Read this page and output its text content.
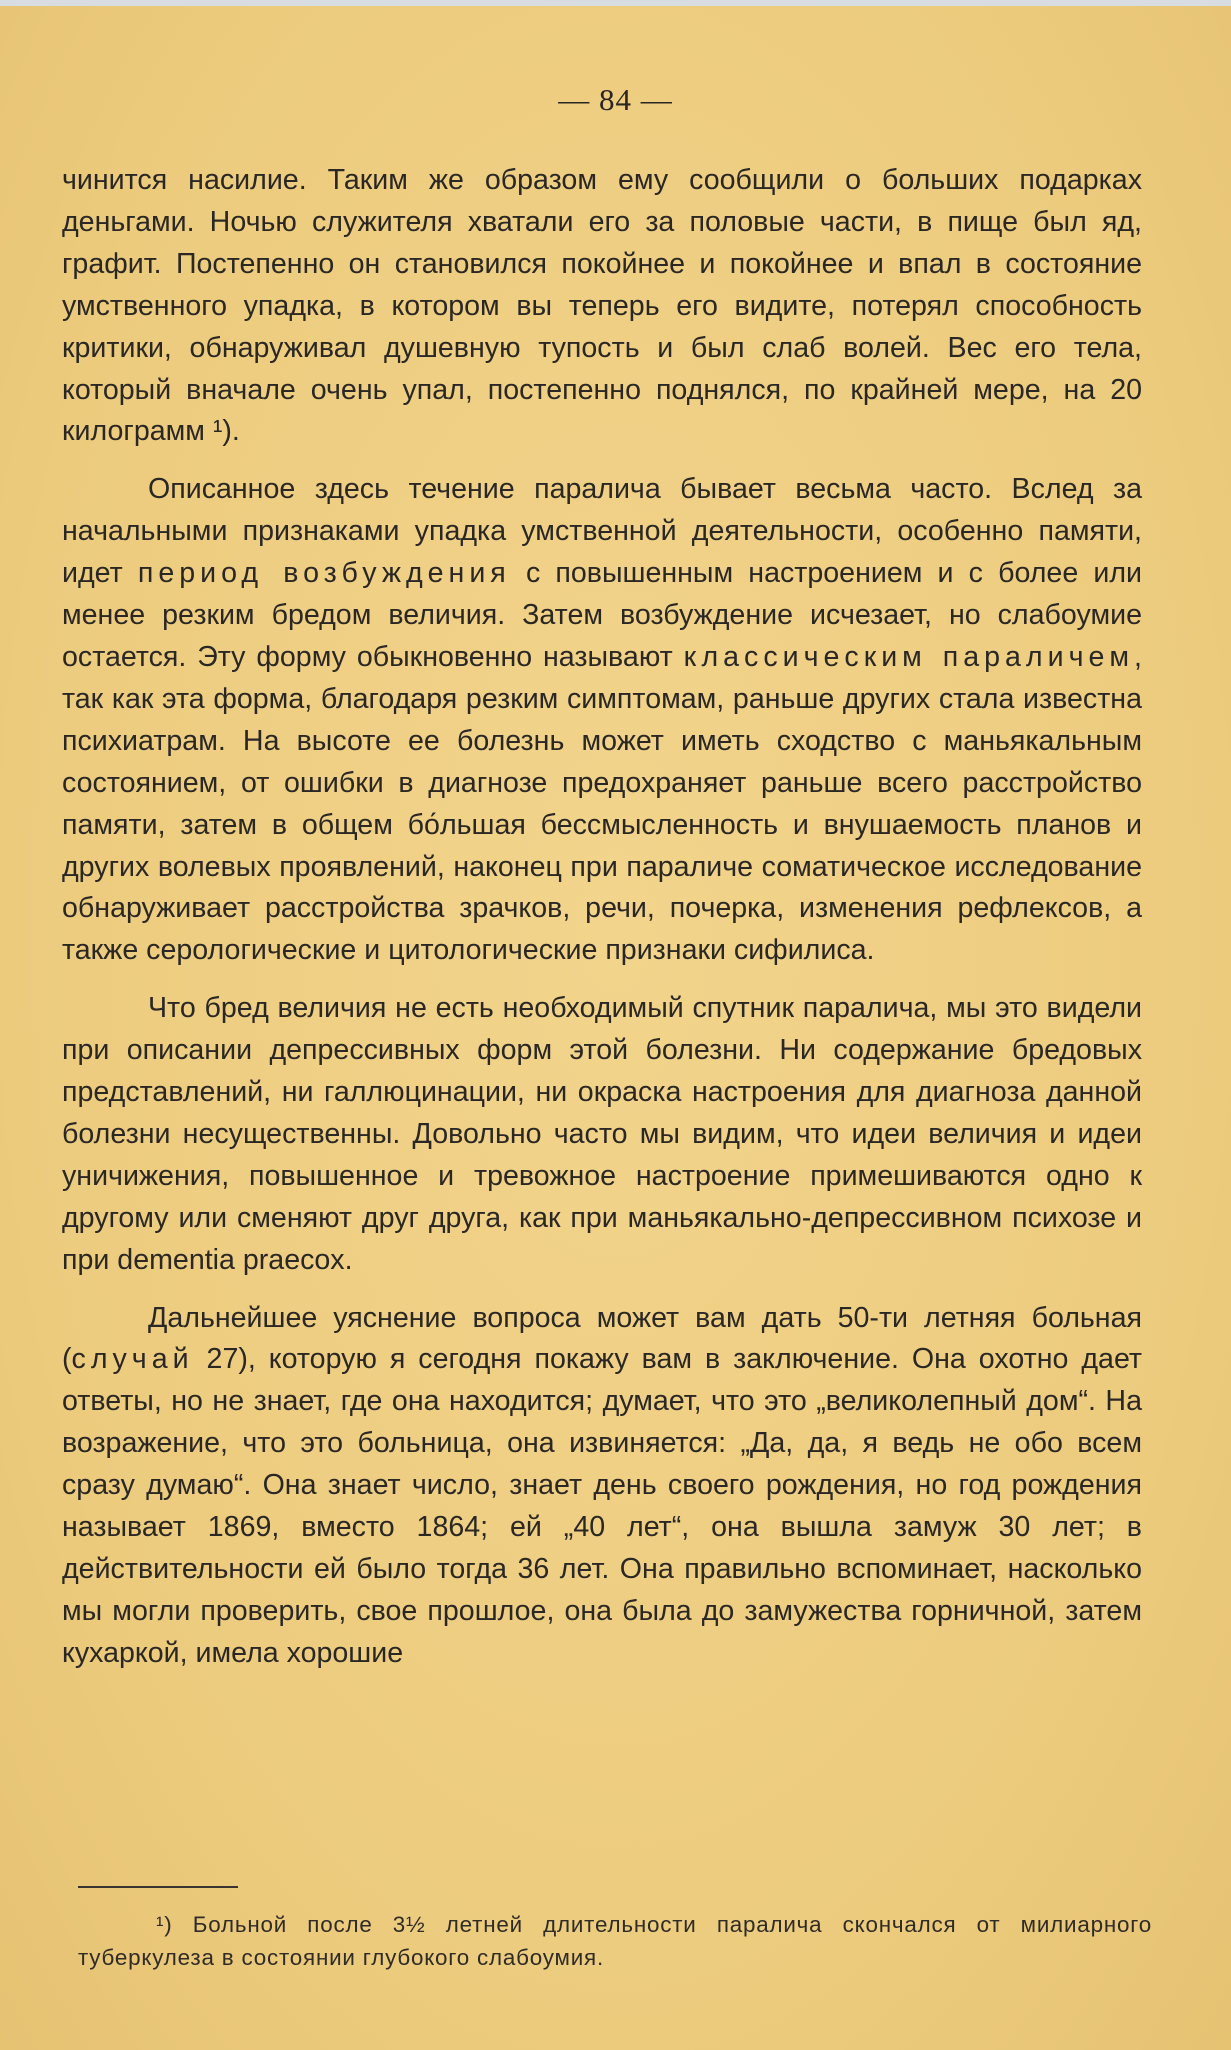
— 84 —

чинится насилие. Таким же образом ему сообщили о больших подарках деньгами. Ночью служителя хватали его за половые части, в пище был яд, графит. Постепенно он становился покойнее и покойнее и впал в состояние умственного упадка, в котором вы теперь его видите, потерял способность критики, обнаруживал душевную тупость и был слаб волей. Вес его тела, который вначале очень упал, постепенно поднялся, по крайней мере, на 20 килограмм ¹).

Описанное здесь течение паралича бывает весьма часто. Вслед за начальными признаками упадка умственной деятельности, особенно памяти, идет период возбуждения с повышенным настроением и с более или менее резким бредом величия. Затем возбуждение исчезает, но слабоумие остается. Эту форму обыкновенно называют классическим параличем, так как эта форма, благодаря резким симптомам, раньше других стала известна психиатрам. На высоте ее болезнь может иметь сходство с маньякальным состоянием, от ошибки в диагнозе предохраняет раньше всего расстройство памяти, затем в общем бо́льшая бессмысленность и внушаемость планов и других волевых проявлений, наконец при параличе соматическое исследование обнаруживает расстройства зрачков, речи, почерка, изменения рефлексов, а также серологические и цитологические признаки сифилиса.

Что бред величия не есть необходимый спутник паралича, мы это видели при описании депрессивных форм этой болезни. Ни содержание бредовых представлений, ни галлюцинации, ни окраска настроения для диагноза данной болезни несущественны. Довольно часто мы видим, что идеи величия и идеи уничижения, повышенное и тревожное настроение примешиваются одно к другому или сменяют друг друга, как при маньякально-депрессивном психозе и при dementia praecox.

Дальнейшее уяснение вопроса может вам дать 50-ти летняя больная (случай 27), которую я сегодня покажу вам в заключение. Она охотно дает ответы, но не знает, где она находится; думает, что это „великолепный дом“. На возражение, что это больница, она извиняется: „Да, да, я ведь не обо всем сразу думаю“. Она знает число, знает день своего рождения, но год рождения называет 1869, вместо 1864; ей „40 лет“, она вышла замуж 30 лет; в действительности ей было тогда 36 лет. Она правильно вспоминает, насколько мы могли проверить, свое прошлое, она была до замужества горничной, затем кухаркой, имела хорошие

¹) Больной после 3½ летней длительности паралича скончался от милиарного туберкулеза в состоянии глубокого слабоумия.
